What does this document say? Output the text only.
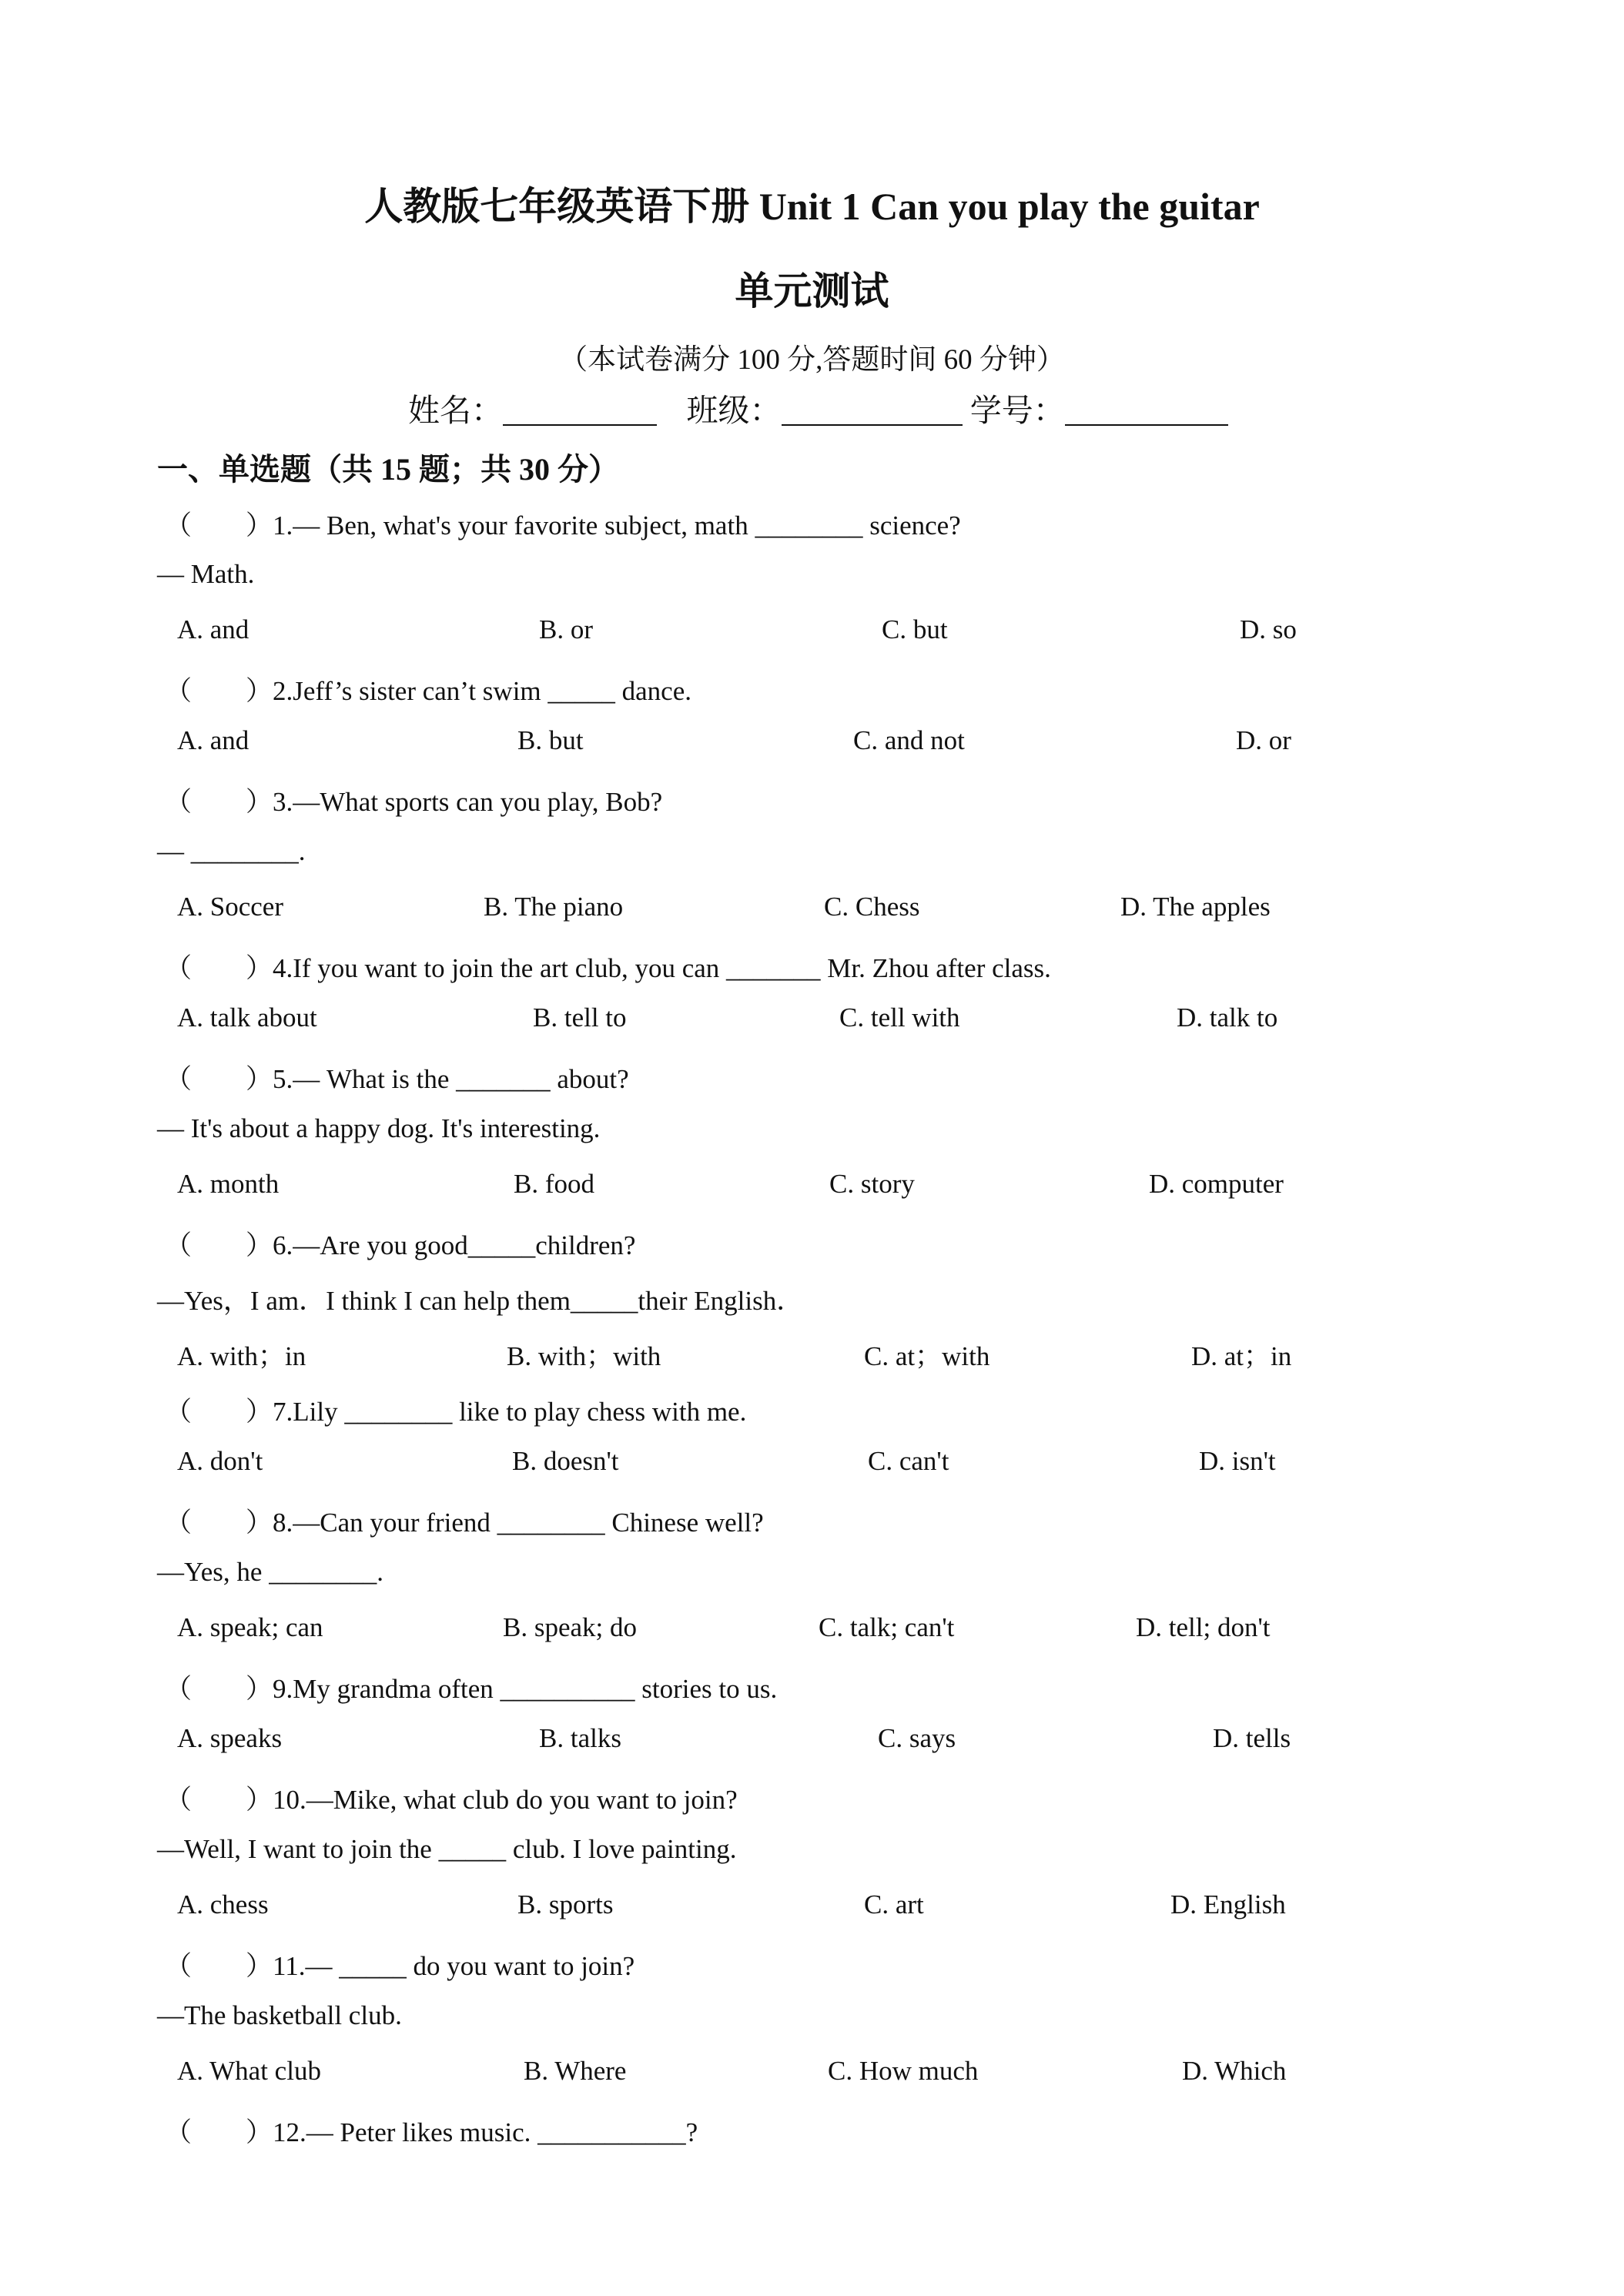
人教版七年级英语下册 Unit 1 Can you play the guitar
单元测试
（本试卷满分 100 分,答题时间 60 分钟）
姓名：	班级：	学号：
一、单选题（共 15 题；共 30 分）
（　　）1.— Ben, what's your favorite subject, math ________ science?
— Math.
A. and	B. or	C. but	D. so
（　　）2.Jeff’s sister can’t swim _____ dance.
A. and	B. but	C. and not	D. or
（　　）3.—What sports can you play, Bob?
— ________.
A. Soccer	B. The piano	C. Chess	D. The apples
（　　）4.If you want to join the art club, you can _______ Mr. Zhou after class.
A. talk about	B. tell to	C. tell with	D. talk to
（　　）5.— What is the _______ about?
— It's about a happy dog. It's interesting.
A. month	B. food	C. story	D. computer
（　　）6.—Are you good_____children?
—Yes，I am．I think I can help them_____their English．
A. with；in	B. with；with	C. at；with	D. at；in
（　　）7.Lily ________ like to play chess with me.
A. don't	B. doesn't	C. can't	D. isn't
（　　）8.—Can your friend ________ Chinese well?
—Yes, he ________.
A. speak; can	B. speak; do	C. talk; can't	D. tell; don't
（　　）9.My grandma often __________ stories to us.
A. speaks	B. talks	C. says	D. tells
（　　）10.—Mike, what club do you want to join?
—Well, I want to join the _____ club. I love painting.
A. chess	B. sports	C. art	D. English
（　　）11.— _____ do you want to join?
—The basketball club.
A. What club	B. Where	C. How much	D. Which
（　　）12.— Peter likes music. ___________?
